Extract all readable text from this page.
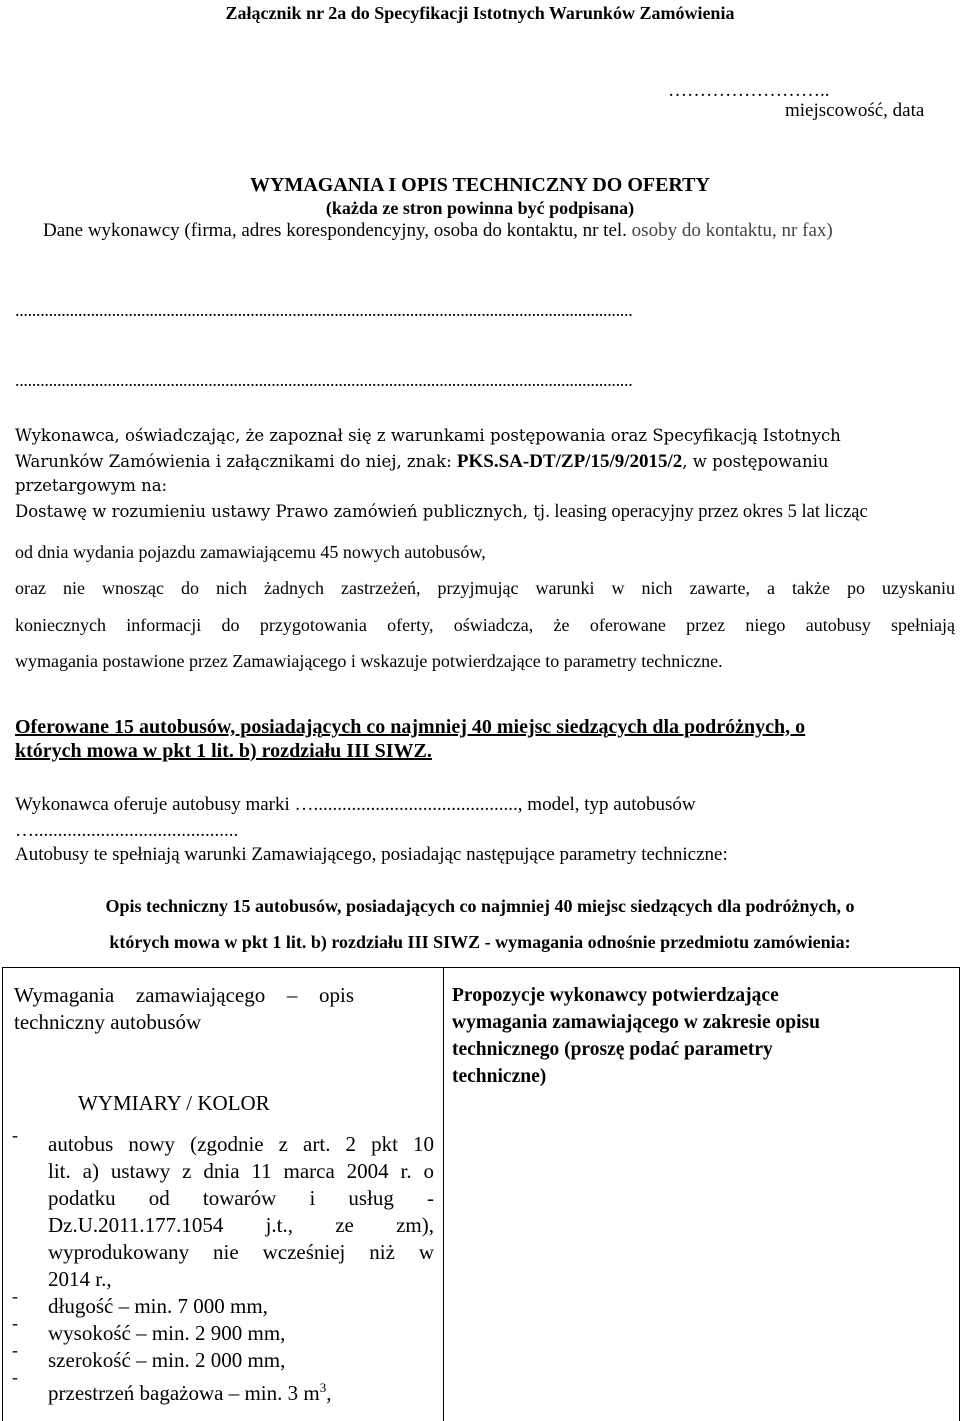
Załącznik nr 2a do Specyfikacji Istotnych Warunków Zamówienia
……………………..
miejscowość, data
WYMAGANIA I OPIS TECHNICZNY DO OFERTY
(każda ze stron powinna być podpisana)
Dane wykonawcy (firma, adres korespondencyjny, osoba do kontaktu, nr tel. osoby do kontaktu, nr fax)
...................................................................................................................................................
...................................................................................................................................................
Wykonawca, oświadczając, że zapoznał się z warunkami postępowania oraz Specyfikacją Istotnych
Warunków Zamówienia i załącznikami do niej, znak: PKS.SA-DT/ZP/15/9/2015/2, w postępowaniu
przetargowym na:
Dostawę w rozumieniu ustawy Prawo zamówień publicznych, tj. leasing operacyjny przez okres 5 lat licząc
od dnia wydania pojazdu zamawiającemu 45 nowych autobusów,
oraz nie wnosząc do nich żadnych zastrzeżeń, przyjmując warunki w nich zawarte, a także po uzyskaniu
koniecznych informacji do przygotowania oferty, oświadcza, że oferowane przez niego autobusy spełniają
wymagania postawione przez Zamawiającego i wskazuje potwierdzające to parametry techniczne.
Oferowane 15 autobusów, posiadających co najmniej 40 miejsc siedzących dla podróżnych, o
których mowa w pkt 1 lit. b) rozdziału III SIWZ.
Wykonawca oferuje autobusy marki …..........................................., model, typ autobusów
…...........................................
Autobusy te spełniają warunki Zamawiającego, posiadając następujące parametry techniczne:
Opis techniczny 15 autobusów, posiadających co najmniej 40 miejsc siedzących dla podróżnych, o
których mowa w pkt 1 lit. b) rozdziału III SIWZ - wymagania odnośnie przedmiotu zamówienia:
Wymagania zamawiającego – opis
techniczny autobusów
Propozycje wykonawcy potwierdzające
wymagania zamawiającego w zakresie opisu
technicznego (proszę podać parametry
techniczne)
WYMIARY / KOLOR
- autobus nowy (zgodnie z art. 2 pkt 10
lit. a) ustawy z dnia 11 marca 2004 r. o
podatku od towarów i usług -
Dz.U.2011.177.1054 j.t., ze zm),
wyprodukowany nie wcześniej niż w
2014 r.,
- długość – min. 7 000 mm,
- wysokość – min. 2 900 mm,
- szerokość – min. 2 000 mm,
-
przestrzeń bagażowa – min. 3 $m^3$,
